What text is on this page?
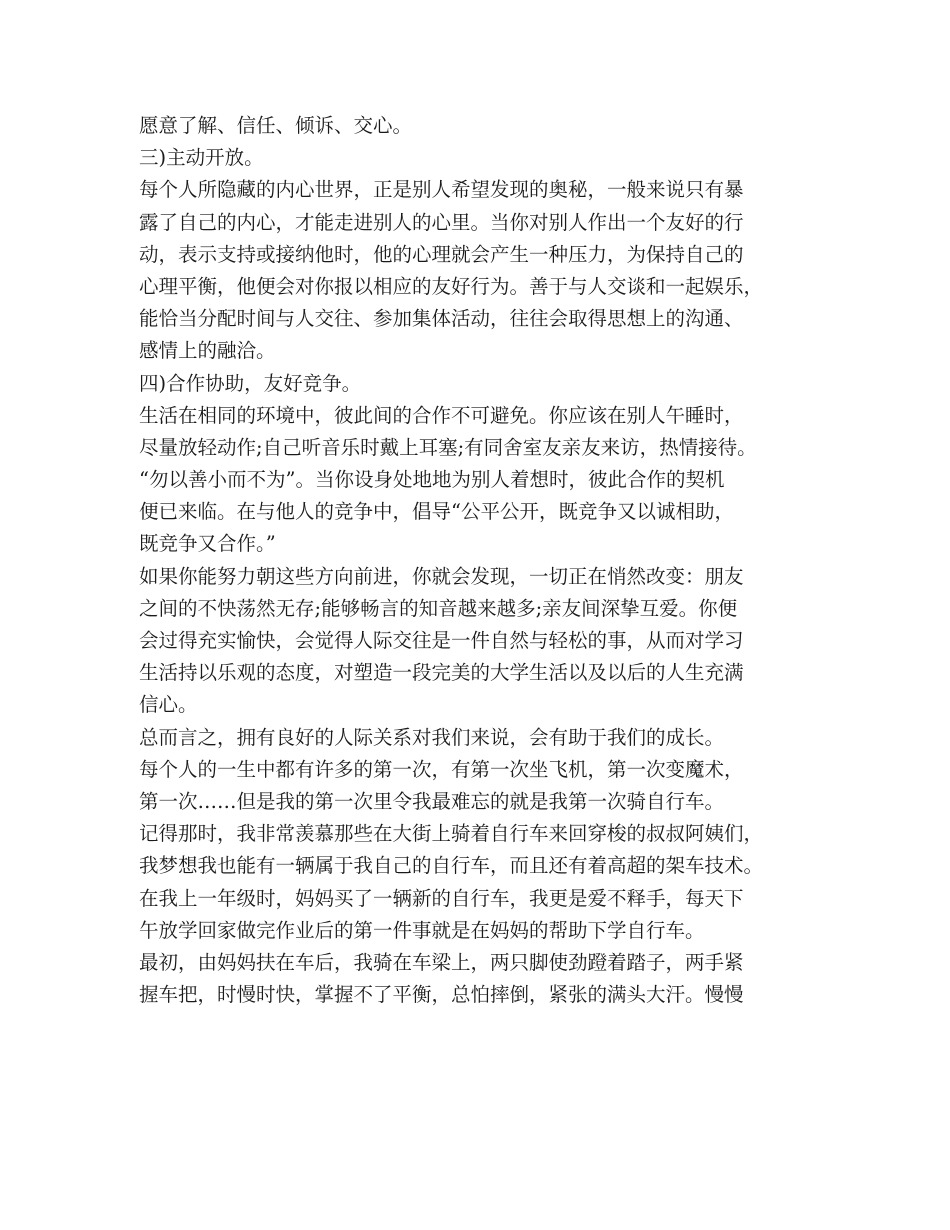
愿意了解、信任、倾诉、交心。
三)主动开放。
每个人所隐藏的内心世界，正是别人希望发现的奥秘，一般来说只有暴
露了自己的内心，才能走进别人的心里。当你对别人作出一个友好的行
动，表示支持或接纳他时，他的心理就会产生一种压力，为保持自己的
心理平衡，他便会对你报以相应的友好行为。善于与人交谈和一起娱乐，
能恰当分配时间与人交往、参加集体活动，往往会取得思想上的沟通、
感情上的融洽。
四)合作协助，友好竞争。
生活在相同的环境中，彼此间的合作不可避免。你应该在别人午睡时，
尽量放轻动作;自己听音乐时戴上耳塞;有同舍室友亲友来访，热情接待。
“勿以善小而不为”。当你设身处地地为别人着想时，彼此合作的契机
便已来临。在与他人的竞争中，倡导“公平公开，既竞争又以诚相助，
既竞争又合作。”
如果你能努力朝这些方向前进，你就会发现，一切正在悄然改变：朋友
之间的不快荡然无存;能够畅言的知音越来越多;亲友间深挚互爱。你便
会过得充实愉快，会觉得人际交往是一件自然与轻松的事，从而对学习
生活持以乐观的态度，对塑造一段完美的大学生活以及以后的人生充满
信心。
总而言之，拥有良好的人际关系对我们来说，会有助于我们的成长。
每个人的一生中都有许多的第一次，有第一次坐飞机，第一次变魔术，
第一次……但是我的第一次里令我最难忘的就是我第一次骑自行车。
记得那时，我非常羡慕那些在大街上骑着自行车来回穿梭的叔叔阿姨们，
我梦想我也能有一辆属于我自己的自行车，而且还有着高超的架车技术。
在我上一年级时，妈妈买了一辆新的自行车，我更是爱不释手，每天下
午放学回家做完作业后的第一件事就是在妈妈的帮助下学自行车。
最初，由妈妈扶在车后，我骑在车梁上，两只脚使劲蹬着踏子，两手紧
握车把，时慢时快，掌握不了平衡，总怕摔倒，紧张的满头大汗。慢慢
